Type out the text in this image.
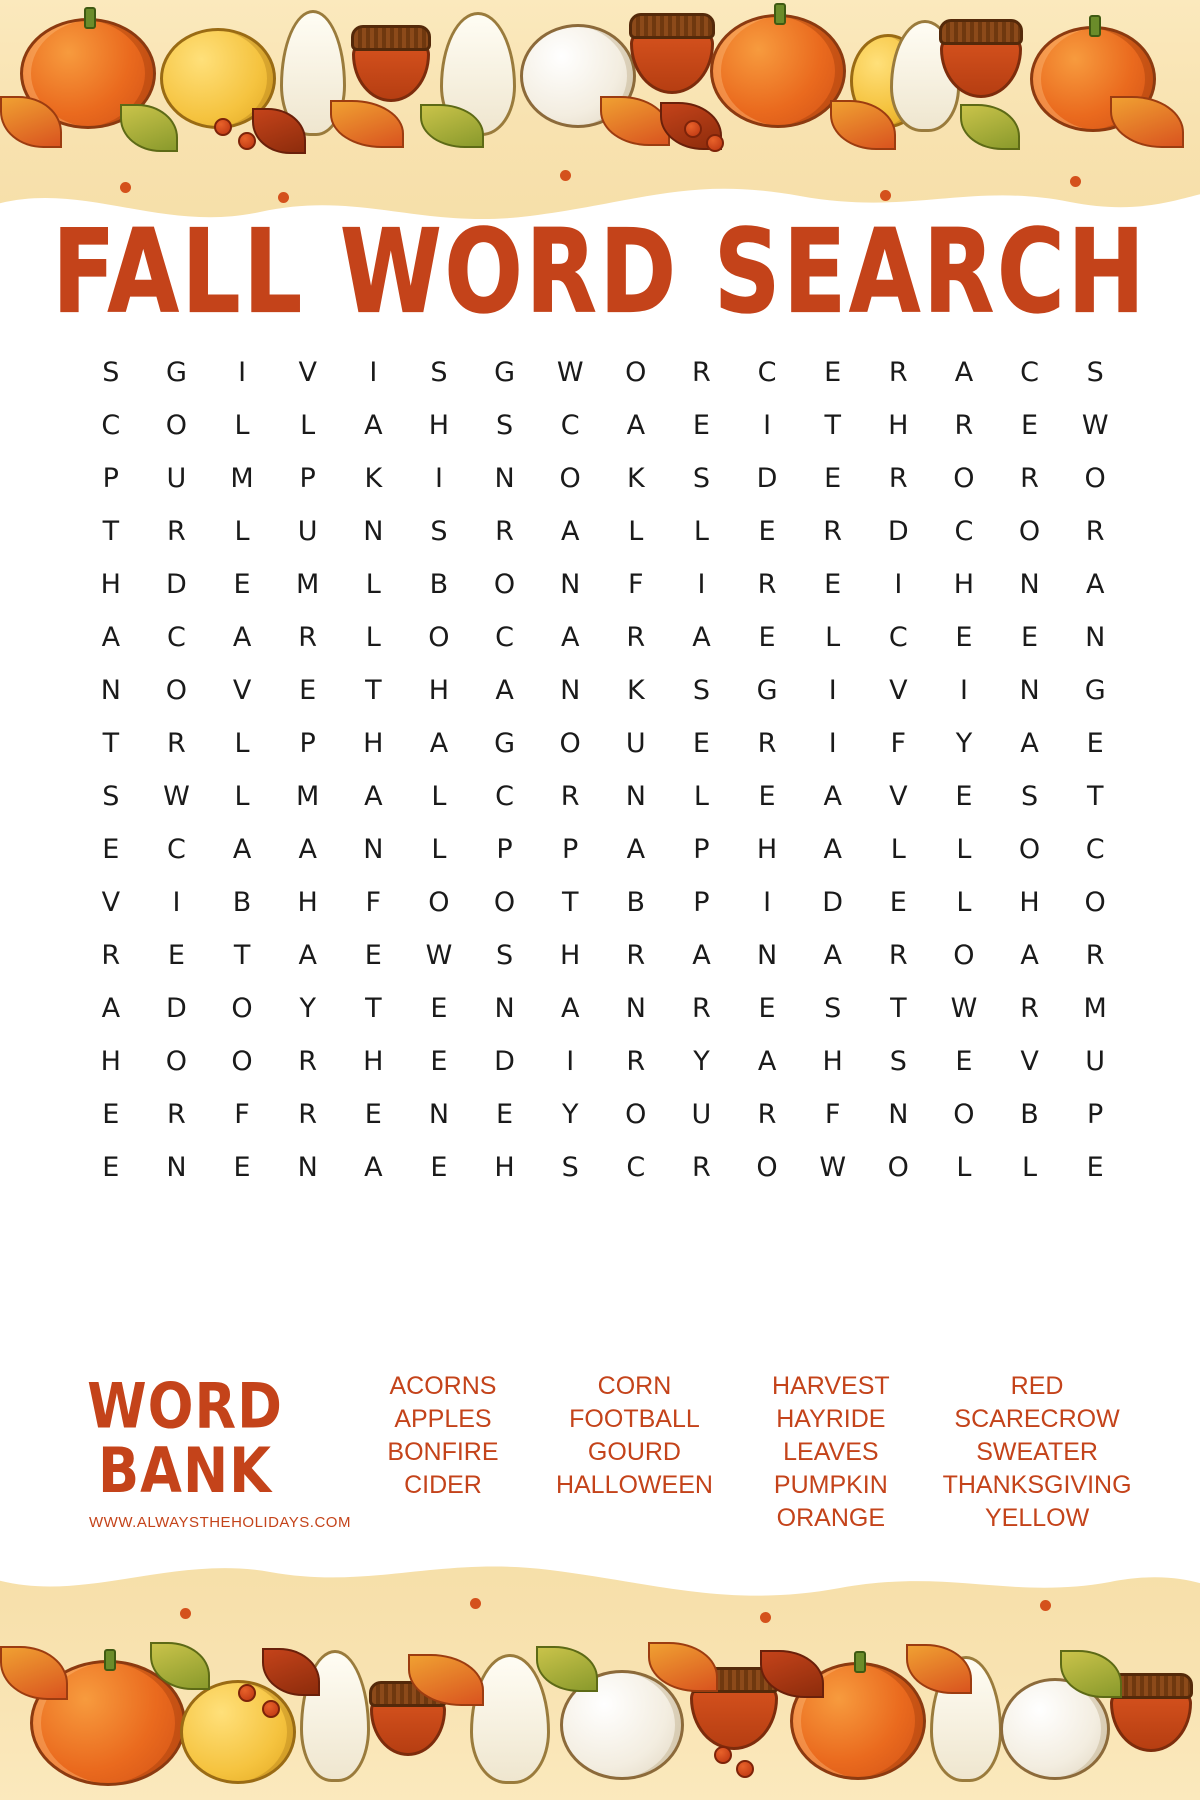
FALL WORD SEARCH
S	G	I	V	I	S	G	W	O	R	C	E	R	A	C	S
C	O	L	L	A	H	S	C	A	E	I	T	H	R	E	W
P	U	M	P	K	I	N	O	K	S	D	E	R	O	R	O
T	R	L	U	N	S	R	A	L	L	E	R	D	C	O	R
H	D	E	M	L	B	O	N	F	I	R	E	I	H	N	A
A	C	A	R	L	O	C	A	R	A	E	L	C	E	E	N
N	O	V	E	T	H	A	N	K	S	G	I	V	I	N	G
T	R	L	P	H	A	G	O	U	E	R	I	F	Y	A	E
S	W	L	M	A	L	C	R	N	L	E	A	V	E	S	T
E	C	A	A	N	L	P	P	A	P	H	A	L	L	O	C
V	I	B	H	F	O	O	T	B	P	I	D	E	L	H	O
R	E	T	A	E	W	S	H	R	A	N	A	R	O	A	R
A	D	O	Y	T	E	N	A	N	R	E	S	T	W	R	M
H	O	O	R	H	E	D	I	R	Y	A	H	S	E	V	U
E	R	F	R	E	N	E	Y	O	U	R	F	N	O	B	P
E	N	E	N	A	E	H	S	C	R	O	W	O	L	L	E
WORD
BANK
WWW.ALWAYSTHEHOLIDAYS.COM
ACORNS
APPLES
BONFIRE
CIDER
CORN
FOOTBALL
GOURD
HALLOWEEN
HARVEST
HAYRIDE
LEAVES
PUMPKIN
ORANGE
RED
SCARECROW
SWEATER
THANKSGIVING
YELLOW
